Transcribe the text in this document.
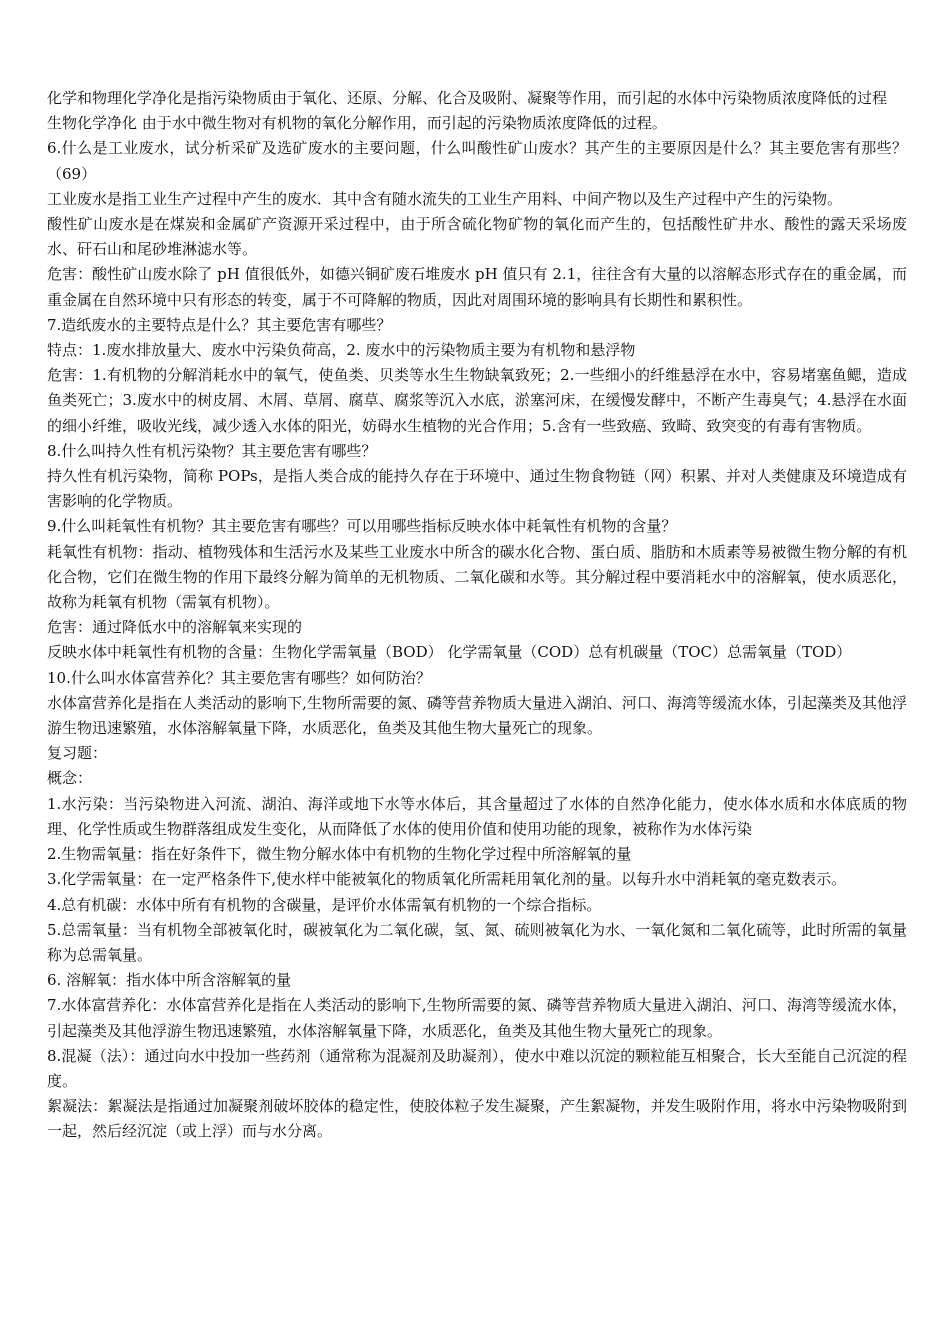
化学和物理化学净化是指污染物质由于氧化、还原、分解、化合及吸附、凝聚等作用，而引起的水体中污染物质浓度降低的过程

生物化学净化 由于水中微生物对有机物的氧化分解作用，而引起的污染物质浓度降低的过程。

6.什么是工业废水，试分析采矿及选矿废水的主要问题，什么叫酸性矿山废水？其产生的主要原因是什么？其主要危害有那些？（69）

工业废水是指工业生产过程中产生的废水．其中含有随水流失的工业生产用料、中间产物以及生产过程中产生的污染物。

酸性矿山废水是在煤炭和金属矿产资源开采过程中，由于所含硫化物矿物的氧化而产生的，包括酸性矿井水、酸性的露天采场废水、矸石山和尾砂堆淋滤水等。

危害：酸性矿山废水除了 pH 值很低外，如德兴铜矿废石堆废水 pH 值只有 2.1，往往含有大量的以溶解态形式存在的重金属，而重金属在自然环境中只有形态的转变，属于不可降解的物质，因此对周围环境的影响具有长期性和累积性。

7.造纸废水的主要特点是什么？其主要危害有哪些？

特点：1.废水排放量大、废水中污染负荷高，2. 废水中的污染物质主要为有机物和悬浮物

危害：1.有机物的分解消耗水中的氧气，使鱼类、贝类等水生生物缺氧致死；2.一些细小的纤维悬浮在水中，容易堵塞鱼鳃，造成鱼类死亡；3.废水中的树皮屑、木屑、草屑、腐草、腐浆等沉入水底，淤塞河床，在缓慢发酵中，不断产生毒臭气；4.悬浮在水面的细小纤维，吸收光线，减少透入水体的阳光，妨碍水生植物的光合作用；5.含有一些致癌、致畸、致突变的有毒有害物质。

8.什么叫持久性有机污染物？其主要危害有哪些？

持久性有机污染物，简称 POPs，是指人类合成的能持久存在于环境中、通过生物食物链（网）积累、并对人类健康及环境造成有害影响的化学物质。

9.什么叫耗氧性有机物？其主要危害有哪些？可以用哪些指标反映水体中耗氧性有机物的含量？

耗氧性有机物：指动、植物残体和生活污水及某些工业废水中所含的碳水化合物、蛋白质、脂肪和木质素等易被微生物分解的有机化合物，它们在微生物的作用下最终分解为简单的无机物质、二氧化碳和水等。其分解过程中要消耗水中的溶解氧，使水质恶化，故称为耗氧有机物（需氧有机物）。

危害：通过降低水中的溶解氧来实现的

反映水体中耗氧性有机物的含量：生物化学需氧量（BOD） 化学需氧量（COD）总有机碳量（TOC）总需氧量（TOD）

10.什么叫水体富营养化？其主要危害有哪些？如何防治？

水体富营养化是指在人类活动的影响下,生物所需要的氮、磷等营养物质大量进入湖泊、河口、海湾等缓流水体，引起藻类及其他浮游生物迅速繁殖，水体溶解氧量下降，水质恶化，鱼类及其他生物大量死亡的现象。

复习题：

概念：

1.水污染：当污染物进入河流、湖泊、海洋或地下水等水体后，其含量超过了水体的自然净化能力，使水体水质和水体底质的物理、化学性质或生物群落组成发生变化，从而降低了水体的使用价值和使用功能的现象，被称作为水体污染

2.生物需氧量：指在好条件下，微生物分解水体中有机物的生物化学过程中所溶解氧的量

3.化学需氧量：在一定严格条件下,使水样中能被氧化的物质氧化所需耗用氧化剂的量。以每升水中消耗氧的毫克数表示。

4.总有机碳：水体中所有有机物的含碳量，是评价水体需氧有机物的一个综合指标。

5.总需氧量：当有机物全部被氧化时，碳被氧化为二氧化碳，氢、氮、硫则被氧化为水、一氧化氮和二氧化硫等，此时所需的氧量称为总需氧量。

6. 溶解氧：指水体中所含溶解氧的量

7.水体富营养化：水体富营养化是指在人类活动的影响下,生物所需要的氮、磷等营养物质大量进入湖泊、河口、海湾等缓流水体，引起藻类及其他浮游生物迅速繁殖，水体溶解氧量下降，水质恶化，鱼类及其他生物大量死亡的现象。

8.混凝（法）：通过向水中投加一些药剂（通常称为混凝剂及助凝剂），使水中难以沉淀的颗粒能互相聚合，长大至能自己沉淀的程度。

絮凝法：絮凝法是指通过加凝聚剂破坏胶体的稳定性，使胶体粒子发生凝聚，产生絮凝物，并发生吸附作用，将水中污染物吸附到一起，然后经沉淀（或上浮）而与水分离。
